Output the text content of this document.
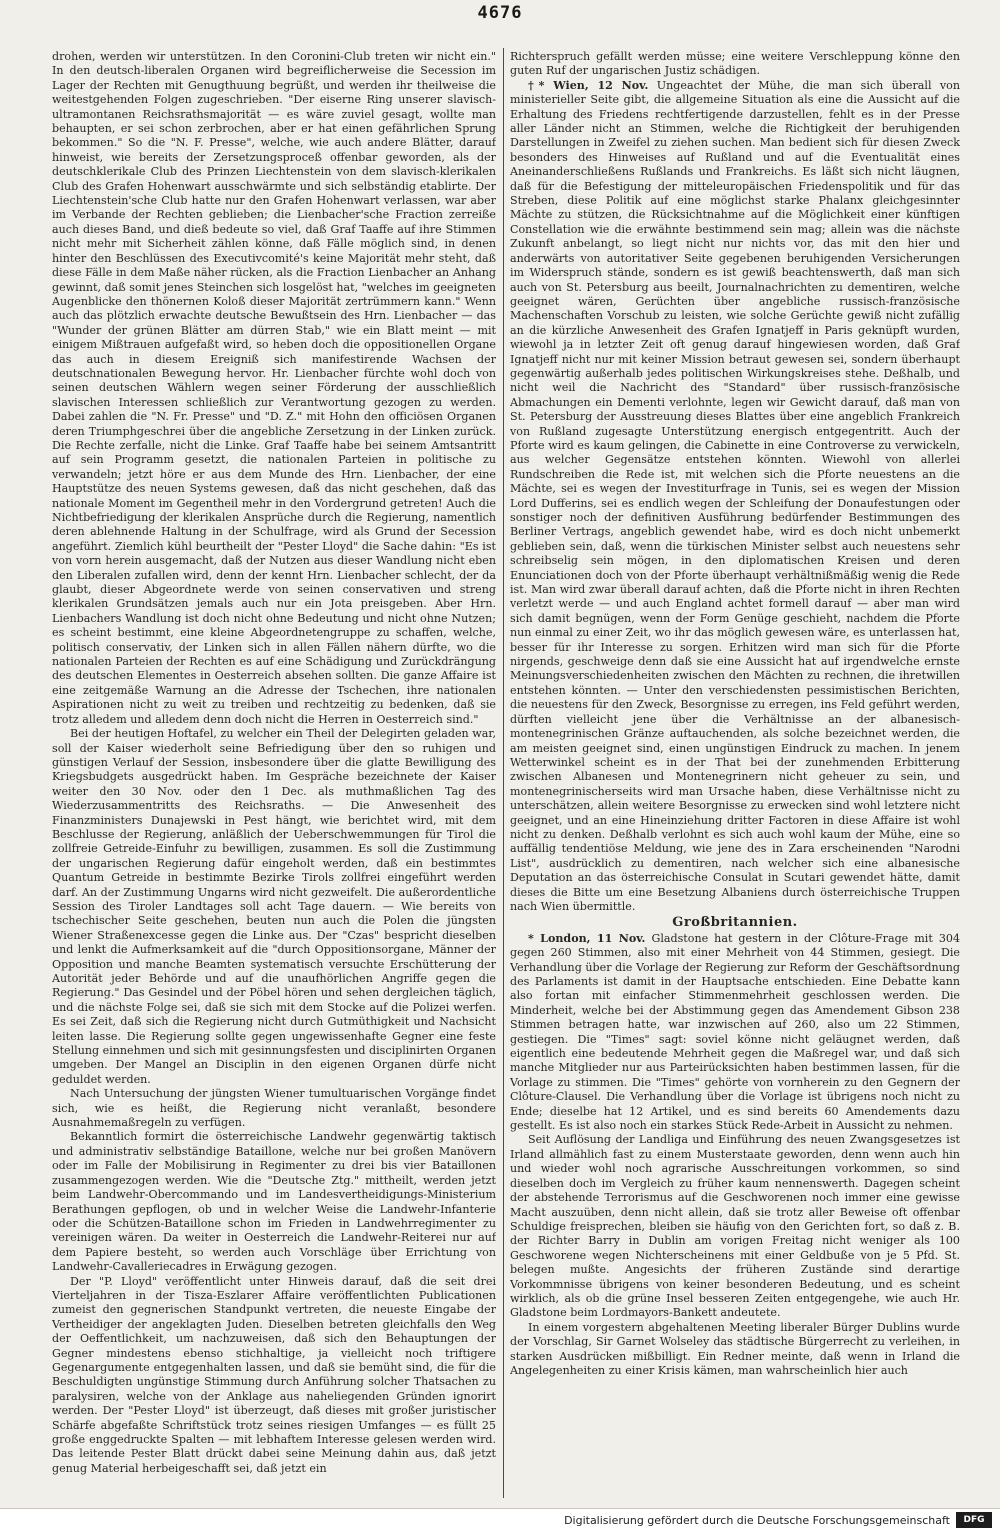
4676

drohen, werden wir unterstützen. In den Coronini-Club treten wir nicht ein." In den deutsch-liberalen Organen wird begreiflicherweise die Secession im Lager der Rechten mit Genugthuung begrüßt, und werden ihr theilweise die weitestgehenden Folgen zugeschrieben. "Der eiserne Ring unserer slavisch-ultramontanen Reichsrathsmajorität — es wäre zuviel gesagt, wollte man behaupten, er sei schon zerbrochen, aber er hat einen gefährlichen Sprung bekommen." So die "N. F. Presse", welche, wie auch andere Blätter, darauf hinweist, wie bereits der Zersetzungsproceß offenbar geworden, als der deutschklerikale Club des Prinzen Liechtenstein von dem slavisch-klerikalen Club des Grafen Hohenwart ausschwärmte und sich selbständig etablirte. Der Liechtenstein'sche Club hatte nur den Grafen Hohenwart verlassen, war aber im Verbande der Rechten geblieben; die Lienbacher'sche Fraction zerreiße auch dieses Band, und dieß bedeute so viel, daß Graf Taaffe auf ihre Stimmen nicht mehr mit Sicherheit zählen könne, daß Fälle möglich sind, in denen hinter den Beschlüssen des Executivcomité's keine Majorität mehr steht, daß diese Fälle in dem Maße näher rücken, als die Fraction Lienbacher an Anhang gewinnt, daß somit jenes Steinchen sich losgelöst hat, "welches im geeigneten Augenblicke den thönernen Koloß dieser Majorität zertrümmern kann." Wenn auch das plötzlich erwachte deutsche Bewußtsein des Hrn. Lienbacher — das "Wunder der grünen Blätter am dürren Stab," wie ein Blatt meint — mit einigem Mißtrauen aufgefaßt wird, so heben doch die oppositionellen Organe das auch in diesem Ereigniß sich manifestirende Wachsen der deutschnationalen Bewegung hervor. Hr. Lienbacher fürchte wohl doch von seinen deutschen Wählern wegen seiner Förderung der ausschließlich slavischen Interessen schließlich zur Verantwortung gezogen zu werden. Dabei zahlen die "N. Fr. Presse" und "D. Z." mit Hohn den officiösen Organen deren Triumphgeschrei über die angebliche Zersetzung in der Linken zurück. Die Rechte zerfalle, nicht die Linke. Graf Taaffe habe bei seinem Amtsantritt auf sein Programm gesetzt, die nationalen Parteien in politische zu verwandeln; jetzt höre er aus dem Munde des Hrn. Lienbacher, der eine Hauptstütze des neuen Systems gewesen, daß das nicht geschehen, daß das nationale Moment im Gegentheil mehr in den Vordergrund getreten! Auch die Nichtbefriedigung der klerikalen Ansprüche durch die Regierung, namentlich deren ablehnende Haltung in der Schulfrage, wird als Grund der Secession angeführt. Ziemlich kühl beurtheilt der "Pester Lloyd" die Sache dahin: "Es ist von vorn herein ausgemacht, daß der Nutzen aus dieser Wandlung nicht eben den Liberalen zufallen wird, denn der kennt Hrn. Lienbacher schlecht, der da glaubt, dieser Abgeordnete werde von seinen conservativen und streng klerikalen Grundsätzen jemals auch nur ein Jota preisgeben. Aber Hrn. Lienbachers Wandlung ist doch nicht ohne Bedeutung und nicht ohne Nutzen; es scheint bestimmt, eine kleine Abgeordnetengruppe zu schaffen, welche, politisch conservativ, der Linken sich in allen Fällen nähern dürfte, wo die nationalen Parteien der Rechten es auf eine Schädigung und Zurückdrängung des deutschen Elementes in Oesterreich absehen sollten. Die ganze Affaire ist eine zeitgemäße Warnung an die Adresse der Tschechen, ihre nationalen Aspirationen nicht zu weit zu treiben und rechtzeitig zu bedenken, daß sie trotz alledem und alledem denn doch nicht die Herren in Oesterreich sind."

Bei der heutigen Hoftafel, zu welcher ein Theil der Delegirten geladen war, soll der Kaiser wiederholt seine Befriedigung über den so ruhigen und günstigen Verlauf der Session, insbesondere über die glatte Bewilligung des Kriegsbudgets ausgedrückt haben. Im Gespräche bezeichnete der Kaiser weiter den 30 Nov. oder den 1 Dec. als muthmaßlichen Tag des Wiederzusammentritts des Reichsraths. — Die Anwesenheit des Finanzministers Dunajewski in Pest hängt, wie berichtet wird, mit dem Beschlusse der Regierung, anläßlich der Ueberschwemmungen für Tirol die zollfreie Getreide-Einfuhr zu bewilligen, zusammen. Es soll die Zustimmung der ungarischen Regierung dafür eingeholt werden, daß ein bestimmtes Quantum Getreide in bestimmte Bezirke Tirols zollfrei eingeführt werden darf. An der Zustimmung Ungarns wird nicht gezweifelt. Die außerordentliche Session des Tiroler Landtages soll acht Tage dauern. — Wie bereits von tschechischer Seite geschehen, beuten nun auch die Polen die jüngsten Wiener Straßenexcesse gegen die Linke aus. Der "Czas" bespricht dieselben und lenkt die Aufmerksamkeit auf die "durch Oppositionsorgane, Männer der Opposition und manche Beamten systematisch versuchte Erschütterung der Autorität jeder Behörde und auf die unaufhörlichen Angriffe gegen die Regierung." Das Gesindel und der Pöbel hören und sehen dergleichen täglich, und die nächste Folge sei, daß sie sich mit dem Stocke auf die Polizei werfen. Es sei Zeit, daß sich die Regierung nicht durch Gutmüthigkeit und Nachsicht leiten lasse. Die Regierung sollte gegen ungewissenhafte Gegner eine feste Stellung einnehmen und sich mit gesinnungsfesten und disciplinirten Organen umgeben. Der Mangel an Disciplin in den eigenen Organen dürfe nicht geduldet werden.

Nach Untersuchung der jüngsten Wiener tumultuarischen Vorgänge findet sich, wie es heißt, die Regierung nicht veranlaßt, besondere Ausnahmemaßregeln zu verfügen.

Bekanntlich formirt die österreichische Landwehr gegenwärtig taktisch und administrativ selbständige Bataillone, welche nur bei großen Manövern oder im Falle der Mobilisirung in Regimenter zu drei bis vier Bataillonen zusammengezogen werden. Wie die "Deutsche Ztg." mittheilt, werden jetzt beim Landwehr-Obercommando und im Landesvertheidigungs-Ministerium Berathungen gepflogen, ob und in welcher Weise die Landwehr-Infanterie oder die Schützen-Bataillone schon im Frieden in Landwehrregimenter zu vereinigen wären. Da weiter in Oesterreich die Landwehr-Reiterei nur auf dem Papiere besteht, so werden auch Vorschläge über Errichtung von Landwehr-Cavalleriecadres in Erwägung gezogen.

Der "P. Lloyd" veröffentlicht unter Hinweis darauf, daß die seit drei Vierteljahren in der Tisza-Eszlarer Affaire veröffentlichten Publicationen zumeist den gegnerischen Standpunkt vertreten, die neueste Eingabe der Vertheidiger der angeklagten Juden. Dieselben betreten gleichfalls den Weg der Oeffentlichkeit, um nachzuweisen, daß sich den Behauptungen der Gegner mindestens ebenso stichhaltige, ja vielleicht noch triftigere Gegenargumente entgegenhalten lassen, und daß sie bemüht sind, die für die Beschuldigten ungünstige Stimmung durch Anführung solcher Thatsachen zu paralysiren, welche von der Anklage aus naheliegenden Gründen ignorirt werden. Der "Pester Lloyd" ist überzeugt, daß dieses mit großer juristischer Schärfe abgefaßte Schriftstück trotz seines riesigen Umfanges — es füllt 25 große enggedruckte Spalten — mit lebhaftem Interesse gelesen werden wird. Das leitende Pester Blatt drückt dabei seine Meinung dahin aus, daß jetzt genug Material herbeigeschafft sei, daß jetzt ein

Richterspruch gefällt werden müsse; eine weitere Verschleppung könne den guten Ruf der ungarischen Justiz schädigen.

†* Wien, 12 Nov. Ungeachtet der Mühe, die man sich überall von ministerieller Seite gibt, die allgemeine Situation als eine die Aussicht auf die Erhaltung des Friedens rechtfertigende darzustellen, fehlt es in der Presse aller Länder nicht an Stimmen, welche die Richtigkeit der beruhigenden Darstellungen in Zweifel zu ziehen suchen. Man bedient sich für diesen Zweck besonders des Hinweises auf Rußland und auf die Eventualität eines Aneinanderschließens Rußlands und Frankreichs. Es läßt sich nicht läugnen, daß für die Befestigung der mitteleuropäischen Friedenspolitik und für das Streben, diese Politik auf eine möglichst starke Phalanx gleichgesinnter Mächte zu stützen, die Rücksichtnahme auf die Möglichkeit einer künftigen Constellation wie die erwähnte bestimmend sein mag; allein was die nächste Zukunft anbelangt, so liegt nicht nur nichts vor, das mit den hier und anderwärts von autoritativer Seite gegebenen beruhigenden Versicherungen im Widerspruch stände, sondern es ist gewiß beachtenswerth, daß man sich auch von St. Petersburg aus beeilt, Journalnachrichten zu dementiren, welche geeignet wären, Gerüchten über angebliche russisch-französische Machenschaften Vorschub zu leisten, wie solche Gerüchte gewiß nicht zufällig an die kürzliche Anwesenheit des Grafen Ignatjeff in Paris geknüpft wurden, wiewohl ja in letzter Zeit oft genug darauf hingewiesen worden, daß Graf Ignatjeff nicht nur mit keiner Mission betraut gewesen sei, sondern überhaupt gegenwärtig außerhalb jedes politischen Wirkungskreises stehe. Deßhalb, und nicht weil die Nachricht des "Standard" über russisch-französische Abmachungen ein Dementi verlohnte, legen wir Gewicht darauf, daß man von St. Petersburg der Ausstreuung dieses Blattes über eine angeblich Frankreich von Rußland zugesagte Unterstützung energisch entgegentritt. Auch der Pforte wird es kaum gelingen, die Cabinette in eine Controverse zu verwickeln, aus welcher Gegensätze entstehen könnten. Wiewohl von allerlei Rundschreiben die Rede ist, mit welchen sich die Pforte neuestens an die Mächte, sei es wegen der Investiturfrage in Tunis, sei es wegen der Mission Lord Dufferins, sei es endlich wegen der Schleifung der Donaufestungen oder sonstiger noch der definitiven Ausführung bedürfender Bestimmungen des Berliner Vertrags, angeblich gewendet habe, wird es doch nicht unbemerkt geblieben sein, daß, wenn die türkischen Minister selbst auch neuestens sehr schreibselig sein mögen, in den diplomatischen Kreisen und deren Enunciationen doch von der Pforte überhaupt verhältnißmäßig wenig die Rede ist. Man wird zwar überall darauf achten, daß die Pforte nicht in ihren Rechten verletzt werde — und auch England achtet formell darauf — aber man wird sich damit begnügen, wenn der Form Genüge geschieht, nachdem die Pforte nun einmal zu einer Zeit, wo ihr das möglich gewesen wäre, es unterlassen hat, besser für ihr Interesse zu sorgen. Erhitzen wird man sich für die Pforte nirgends, geschweige denn daß sie eine Aussicht hat auf irgendwelche ernste Meinungsverschiedenheiten zwischen den Mächten zu rechnen, die ihretwillen entstehen könnten. — Unter den verschiedensten pessimistischen Berichten, die neuestens für den Zweck, Besorgnisse zu erregen, ins Feld geführt werden, dürften vielleicht jene über die Verhältnisse an der albanesisch-montenegrinischen Gränze auftauchenden, als solche bezeichnet werden, die am meisten geeignet sind, einen ungünstigen Eindruck zu machen. In jenem Wetterwinkel scheint es in der That bei der zunehmenden Erbitterung zwischen Albanesen und Montenegrinern nicht geheuer zu sein, und montenegrinischerseits wird man Ursache haben, diese Verhältnisse nicht zu unterschätzen, allein weitere Besorgnisse zu erwecken sind wohl letztere nicht geeignet, und an eine Hineinziehung dritter Factoren in diese Affaire ist wohl nicht zu denken. Deßhalb verlohnt es sich auch wohl kaum der Mühe, eine so auffällig tendentiöse Meldung, wie jene des in Zara erscheinenden "Narodni List", ausdrücklich zu dementiren, nach welcher sich eine albanesische Deputation an das österreichische Consulat in Scutari gewendet hätte, damit dieses die Bitte um eine Besetzung Albaniens durch österreichische Truppen nach Wien übermittle.

Großbritannien.

* London, 11 Nov. Gladstone hat gestern in der Clôture-Frage mit 304 gegen 260 Stimmen, also mit einer Mehrheit von 44 Stimmen, gesiegt. Die Verhandlung über die Vorlage der Regierung zur Reform der Geschäftsordnung des Parlaments ist damit in der Hauptsache entschieden. Eine Debatte kann also fortan mit einfacher Stimmenmehrheit geschlossen werden. Die Minderheit, welche bei der Abstimmung gegen das Amendement Gibson 238 Stimmen betragen hatte, war inzwischen auf 260, also um 22 Stimmen, gestiegen. Die "Times" sagt: soviel könne nicht geläugnet werden, daß eigentlich eine bedeutende Mehrheit gegen die Maßregel war, und daß sich manche Mitglieder nur aus Parteirücksichten haben bestimmen lassen, für die Vorlage zu stimmen. Die "Times" gehörte von vornherein zu den Gegnern der Clôture-Clausel. Die Verhandlung über die Vorlage ist übrigens noch nicht zu Ende; dieselbe hat 12 Artikel, und es sind bereits 60 Amendements dazu gestellt. Es ist also noch ein starkes Stück Rede-Arbeit in Aussicht zu nehmen.

Seit Auflösung der Landliga und Einführung des neuen Zwangsgesetzes ist Irland allmählich fast zu einem Musterstaate geworden, denn wenn auch hin und wieder wohl noch agrarische Ausschreitungen vorkommen, so sind dieselben doch im Vergleich zu früher kaum nennenswerth. Dagegen scheint der abstehende Terrorismus auf die Geschworenen noch immer eine gewisse Macht auszuüben, denn nicht allein, daß sie trotz aller Beweise oft offenbar Schuldige freisprechen, bleiben sie häufig von den Gerichten fort, so daß z. B. der Richter Barry in Dublin am vorigen Freitag nicht weniger als 100 Geschworene wegen Nichterscheinens mit einer Geldbuße von je 5 Pfd. St. belegen mußte. Angesichts der früheren Zustände sind derartige Vorkommnisse übrigens von keiner besonderen Bedeutung, und es scheint wirklich, als ob die grüne Insel besseren Zeiten entgegengehe, wie auch Hr. Gladstone beim Lordmayors-Bankett andeutete.

In einem vorgestern abgehaltenen Meeting liberaler Bürger Dublins wurde der Vorschlag, Sir Garnet Wolseley das städtische Bürgerrecht zu verleihen, in starken Ausdrücken mißbilligt. Ein Redner meinte, daß wenn in Irland die Angelegenheiten zu einer Krisis kämen, man wahrscheinlich hier auch

Digitalisierung gefördert durch die Deutsche Forschungsgemeinschaft	DFG
